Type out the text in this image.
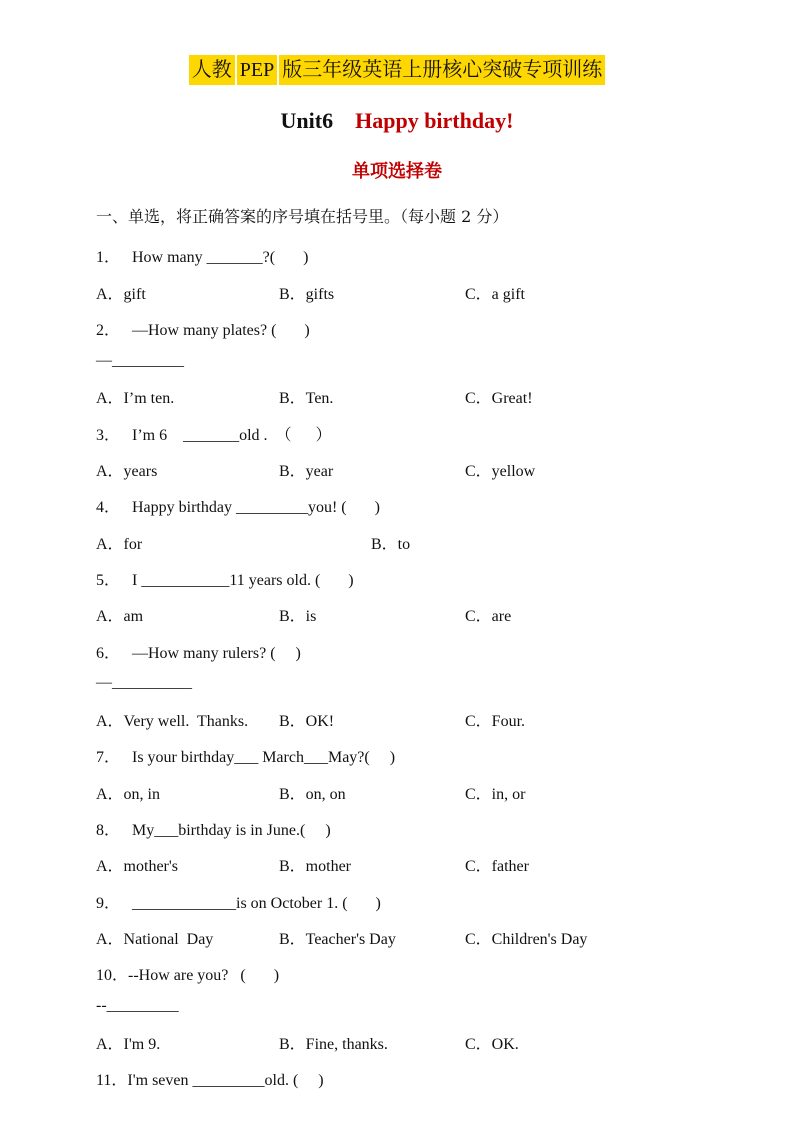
人教 PEP 版三年级英语上册核心突破专项训练
Unit6 Happy birthday!
单项选择卷
一、单选，将正确答案的序号填在括号里。（每小题 2 分）
1．   How many _______?(       )
A．gift	B．gifts	C．a gift
2．   —How many plates? (       )
—_________
A．I’m ten.	B．Ten.	C．Great!
3．   I’m 6    _______old .  （      ）
A．years	B．year	C．yellow
4．   Happy birthday _________you! (       )
A．for	B．to
5．   I ___________11 years old. (       )
A．am	B．is	C．are
6．   —How many rulers? (     )
—__________
A．Very well.  Thanks. B．OK!	C．Four.
7．   Is your birthday___ March___May?(     )
A．on, in	B．on, on	C．in, or
8．   My___birthday is in June.(     )
A．mother's	B．mother	C．father
9．   _____________is on October 1. (       )
A．National  Day	B．Teacher's Day	C．Children's Day
10．--How are you?   (       )
--_________
A．I'm 9.	B．Fine, thanks.	C．OK.
11．I'm seven _________old. (     )
